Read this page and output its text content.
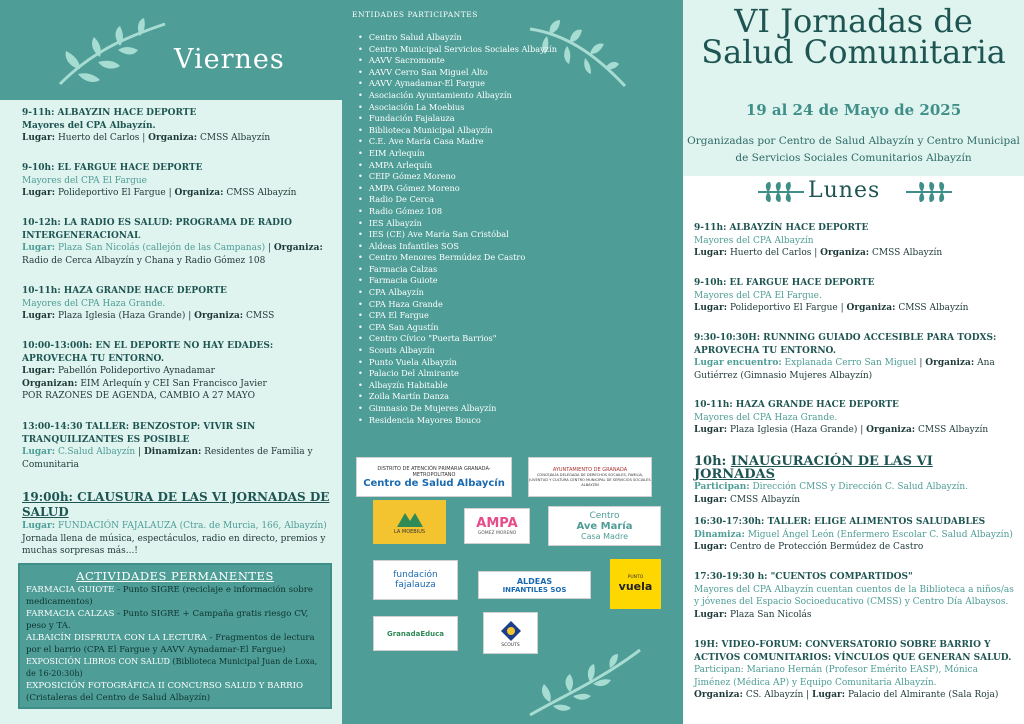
Viernes
9-11h: ALBAYZIN HACE DEPORTE
Mayores del CPA Albayzín.
Lugar: Huerto del Carlos | Organiza: CMSS Albayzín
9-10h: EL FARGUE HACE DEPORTE
Mayores del CPA El Fargue
Lugar: Polideportivo El Fargue | Organiza: CMSS Albayzín
10-12h: LA RADIO ES SALUD: PROGRAMA DE RADIO INTERGENERACIONAL
Lugar: Plaza San Nicolás (callejón de las Campanas) | Organiza: Radio de Cerca Albayzín y Chana y Radio Gómez 108
10-11h: HAZA GRANDE HACE DEPORTE
Mayores del CPA Haza Grande.
Lugar: Plaza Iglesia (Haza Grande) | Organiza: CMSS
10:00-13:00h: EN EL DEPORTE NO HAY EDADES: APROVECHA TU ENTORNO.
Lugar: Pabellón Polideportivo Aynadamar
Organizan: EIM Arlequín y CEI San Francisco Javier
POR RAZONES DE AGENDA, CAMBIO A 27 MAYO
13:00-14:30 TALLER: BENZOSTOP: VIVIR SIN TRANQUILIZANTES ES POSIBLE
Lugar: C.Salud Albayzín | Dinamizan: Residentes de Familia y Comunitaria
19:00h: CLAUSURA DE LAS VI JORNADAS DE SALUD
Lugar: FUNDACIÓN FAJALAUZA (Ctra. de Murcia, 166, Albayzín)
Jornada llena de música, espectáculos, radio en directo, premios y muchas sorpresas más...!
ACTIVIDADES PERMANENTES
FARMACIA GUIOTE - Punto SIGRE (reciclaje e información sobre medicamentos)
FARMACIA CALZAS - Punto SIGRE + Campaña gratis riesgo CV, peso y TA.
ALBAICÍN DISFRUTA CON LA LECTURA - Fragmentos de lectura por el barrio (CPA El Fargue y AAVV Aynadamar-El Fargue)
EXPOSICIÓN LIBROS CON SALUD (Biblioteca Municipal Juan de Loxa, de 16-20:30h)
EXPOSICIÓN FOTOGRÁFICA II CONCURSO SALUD Y BARRIO (Cristaleras del Centro de Salud Albayzín)
ENTIDADES PARTICIPANTES
• Centro Salud Albayzín
• Centro Municipal Servicios Sociales Albayzín
• AAVV Sacromonte
• AAVV Cerro San Miguel Alto
• AAVV Aynadamar-El Fargue
• Asociación Ayuntamiento Albayzín
• Asociación La Moebius
• Fundación Fajalauza
• Biblioteca Municipal Albayzín
• C.E. Ave María Casa Madre
• EIM Arlequín
• AMPA Arlequín
• CEIP Gómez Moreno
• AMPA Gómez Moreno
• Radio De Cerca
• Radio Gómez 108
• IES Albayzín
• IES (CE) Ave María San Cristóbal
• Aldeas Infantiles SOS
• Centro Menores Bermúdez De Castro
• Farmacia Calzas
• Farmacia Guiote
• CPA Albayzín
• CPA Haza Grande
• CPA El Fargue
• CPA San Agustín
• Centro Cívico "Puerta Barrios"
• Scouts Albayzín
• Punto Vuela Albayzín
• Palacio Del Almirante
• Albayzín Habitable
• Zoila Martín Danza
• Gimnasio De Mujeres Albayzín
• Residencia Mayores Bouco
DISTRITO DE ATENCIÓN PRIMARIA GRANADA-METROPOLITANO
Centro de Salud Albaycín
AYUNTAMIENTO DE GRANADA
CONCEJALÍA DELEGADA DE DERECHOS SOCIALES, FAMILIA, JUVENTUD Y CULTURA CENTRO MUNICIPAL DE SERVICIOS SOCIALES ALBAYZÍN
LA MOEBIUS
AMPA
GÓMEZ MORENO
Centro
Ave María
Casa Madre
fundación
fajalauza	ALDEAS
INFANTILES SOS
PUNTO
vuela
GranadaEduca
SCOUTS
VI Jornadas de
Salud Comunitaria
19 al 24 de Mayo de 2025
Organizadas por Centro de Salud Albayzín y Centro Municipal de Servicios Sociales Comunitarios Albayzín
Lunes
9-11h: ALBAYZÍN HACE DEPORTE
Mayores del CPA Albayzín
Lugar: Huerto del Carlos | Organiza: CMSS Albayzín
9-10h: EL FARGUE HACE DEPORTE
Mayores del CPA El Fargue.
Lugar: Polideportivo El Fargue | Organiza: CMSS Albayzín
9:30-10:30H: RUNNING GUIADO ACCESIBLE PARA TODXS: APROVECHA TU ENTORNO.
Lugar encuentro: Explanada Cerro San Miguel | Organiza: Ana Gutiérrez (Gimnasio Mujeres Albayzín)
10-11h: HAZA GRANDE HACE DEPORTE
Mayores del CPA Haza Grande.
Lugar: Plaza Iglesia (Haza Grande) | Organiza: CMSS Albayzín
10h: INAUGURACIÓN DE LAS VI JORNADAS
Participan: Dirección CMSS y Dirección C. Salud Albayzín.
Lugar: CMSS Albayzín
16:30-17:30h: TALLER: ELIGE ALIMENTOS SALUDABLES
Dinamiza: Miguel Ángel León (Enfermero Escolar C. Salud Albayzín)
Lugar: Centro de Protección Bermúdez de Castro
17:30-19:30 h: "CUENTOS COMPARTIDOS"
Mayores del CPA Albayzín cuentan cuentos de la Biblioteca a niños/as y jóvenes del Espacio Socioeducativo (CMSS) y Centro Día Albaysos.
Lugar: Plaza San Nicolás
19H: VIDEO-FORUM: CONVERSATORIO SOBRE BARRIO Y ACTIVOS COMUNITARIOS: VÍNCULOS QUE GENERAN SALUD.
Participan: Mariano Hernán (Profesor Emérito EASP), Mónica Jiménez (Médica AP) y Equipo Comunitaria Albayzín.
Organiza: CS. Albayzín | Lugar: Palacio del Almirante (Sala Roja)
